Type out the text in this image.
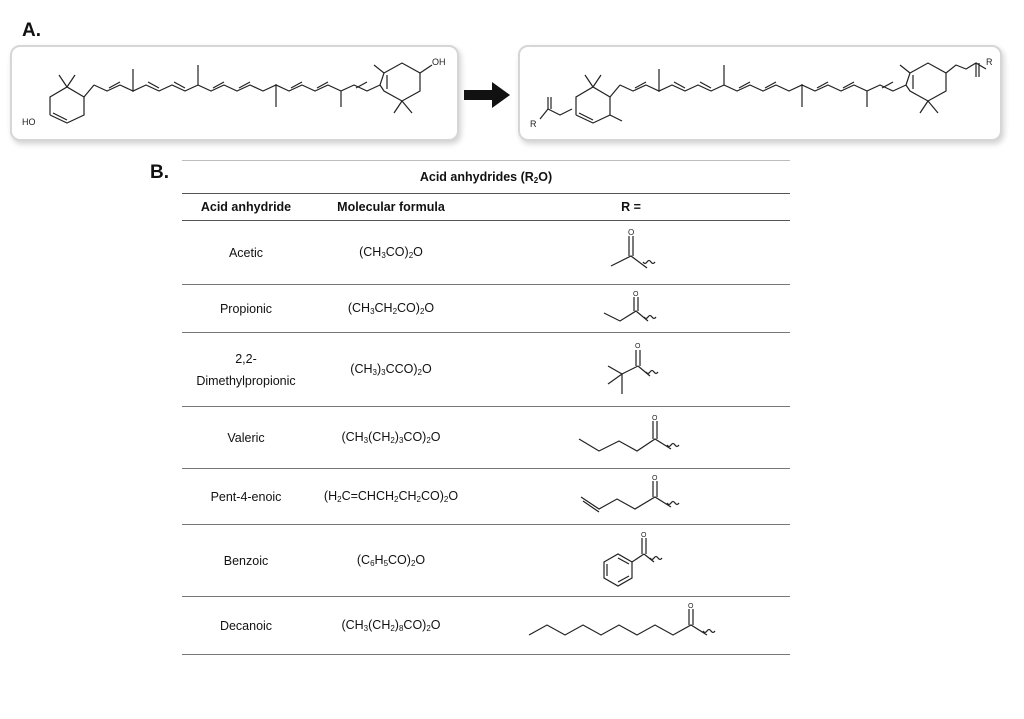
A.
HO
OH
R
R
B.	Acid anhydrides $(R_2O)$		
Acid anhydride	Molecular formula	R =
Acetic	$(CH_3CO)_2O$	O

Propionic	$(CH_3CH_2CO)_2O$	O

2,2-
Dimethylpropionic	$(CH_3)_3CCO)_2O$	O

Valeric	$(CH_3(CH_2)_3CO)_2O$	O

Pent-4-enoic	$(H_2C=CHCH_2CH_2CO)_2O$	O

Benzoic	$(C_6H_5CO)_2O$	O

Decanoic	$(CH_3(CH_2)_8CO)_2O$	O
